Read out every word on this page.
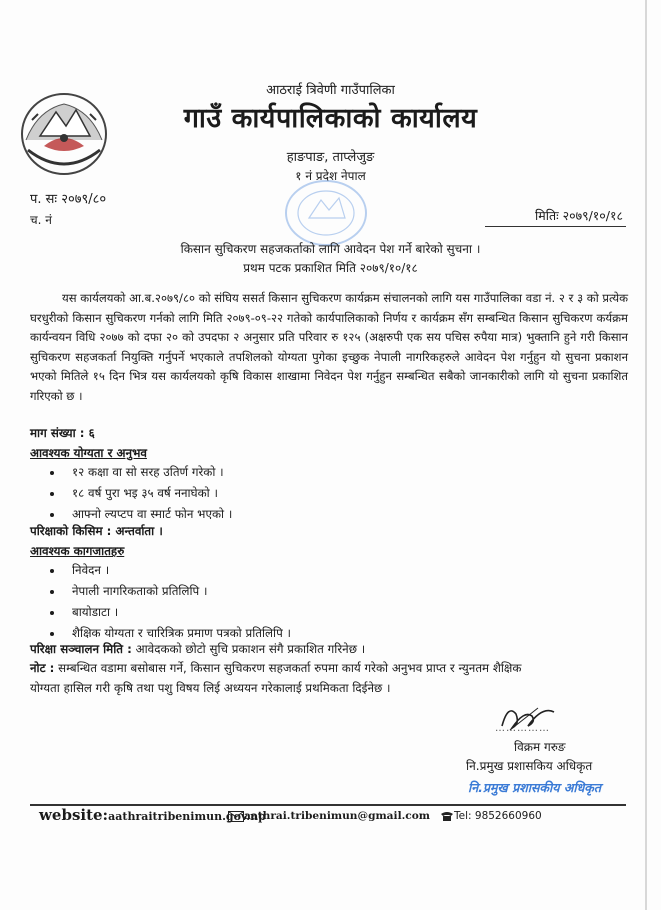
आठराई त्रिवेणी गाउँपालिका
गाउँ कार्यपालिकाको कार्यालय
हाङपाङ, ताप्लेजुङ
१ नं प्रदेश नेपाल
प. सः २०७९/८०
च. नं	मितिः २०७९/१०/१८
किसान सुचिकरण सहजकर्ताको लागि आवेदन पेश गर्ने बारेको सुचना ।
प्रथम पटक प्रकाशित मिति २०७९/१०/१८
यस कार्यलयको आ.ब.२०७९/८० को संघिय ससर्त किसान सुचिकरण कार्यक्रम संचालनको लागि यस गाउँपालिका वडा नं. २ र ३ को प्रत्येक घरधुरीको किसान सुचिकरण गर्नको लागि मिति २०७९-०९-२२ गतेको कार्यपालिकाको निर्णय र कार्यक्रम सँग सम्बन्धित किसान सुचिकरण कर्यक्रम कार्यन्वयन विधि २०७७ को दफा २० को उपदफा २ अनुसार प्रति परिवार रु १२५ (अक्षरुपी एक सय पचिस रुपैया मात्र) भुक्तानि हुने गरी किसान सुचिकरण सहजकर्ता नियुक्ति गर्नुपर्ने भएकाले तपशिलको योग्यता पुगेका इच्छुक नेपाली नागरिकहरुले आवेदन पेश गर्नुहुन यो सुचना प्रकाशन भएको मितिले १५ दिन भित्र यस कार्यलयको कृषि विकास शाखामा निवेदन पेश गर्नुहुन सम्बन्धित सबैको जानकारीको लागि यो सुचना प्रकाशित गरिएको छ ।
माग संख्या : ६
आवश्यक योग्यता र अनुभव
• १२ कक्षा वा सो सरह उतिर्ण गरेको ।
• १८ वर्ष पुरा भइ ३५ वर्ष ननाघेको ।
• आफ्नो ल्यप्टप वा स्मार्ट फोन भएको ।
परिक्षाको किसिम : अन्तर्वाता ।
आवश्यक कागजातहरु
• निवेदन ।
• नेपाली नागरिकताको प्रतिलिपि ।
• बायोडाटा ।
• शैक्षिक योग्यता र चारित्रिक प्रमाण पत्रको प्रतिलिपि ।
परिक्षा सञ्चालन मिति : आवेदकको छोटो सुचि प्रकाशन संगै प्रकाशित गरिनेछ ।
नोट : सम्बन्धित वडामा बसोबास गर्ने, किसान सुचिकरण सहजकर्ता रुपमा कार्य गरेको अनुभव प्राप्त र न्युनतम शैक्षिक
योग्यता हासिल गरी कृषि तथा पशु विषय लिई अध्ययन गरेकालाई प्रथमिकता दिईनेछ ।
……………
विक्रम गरुङ
नि.प्रमुख प्रशासकिय अधिकृत
नि.प्रमुख प्रशासकीय अधिकृत
website:aathraitribenimun.gov.np
aathrai.tribenimun@gmail.com	Tel: 9852660960
